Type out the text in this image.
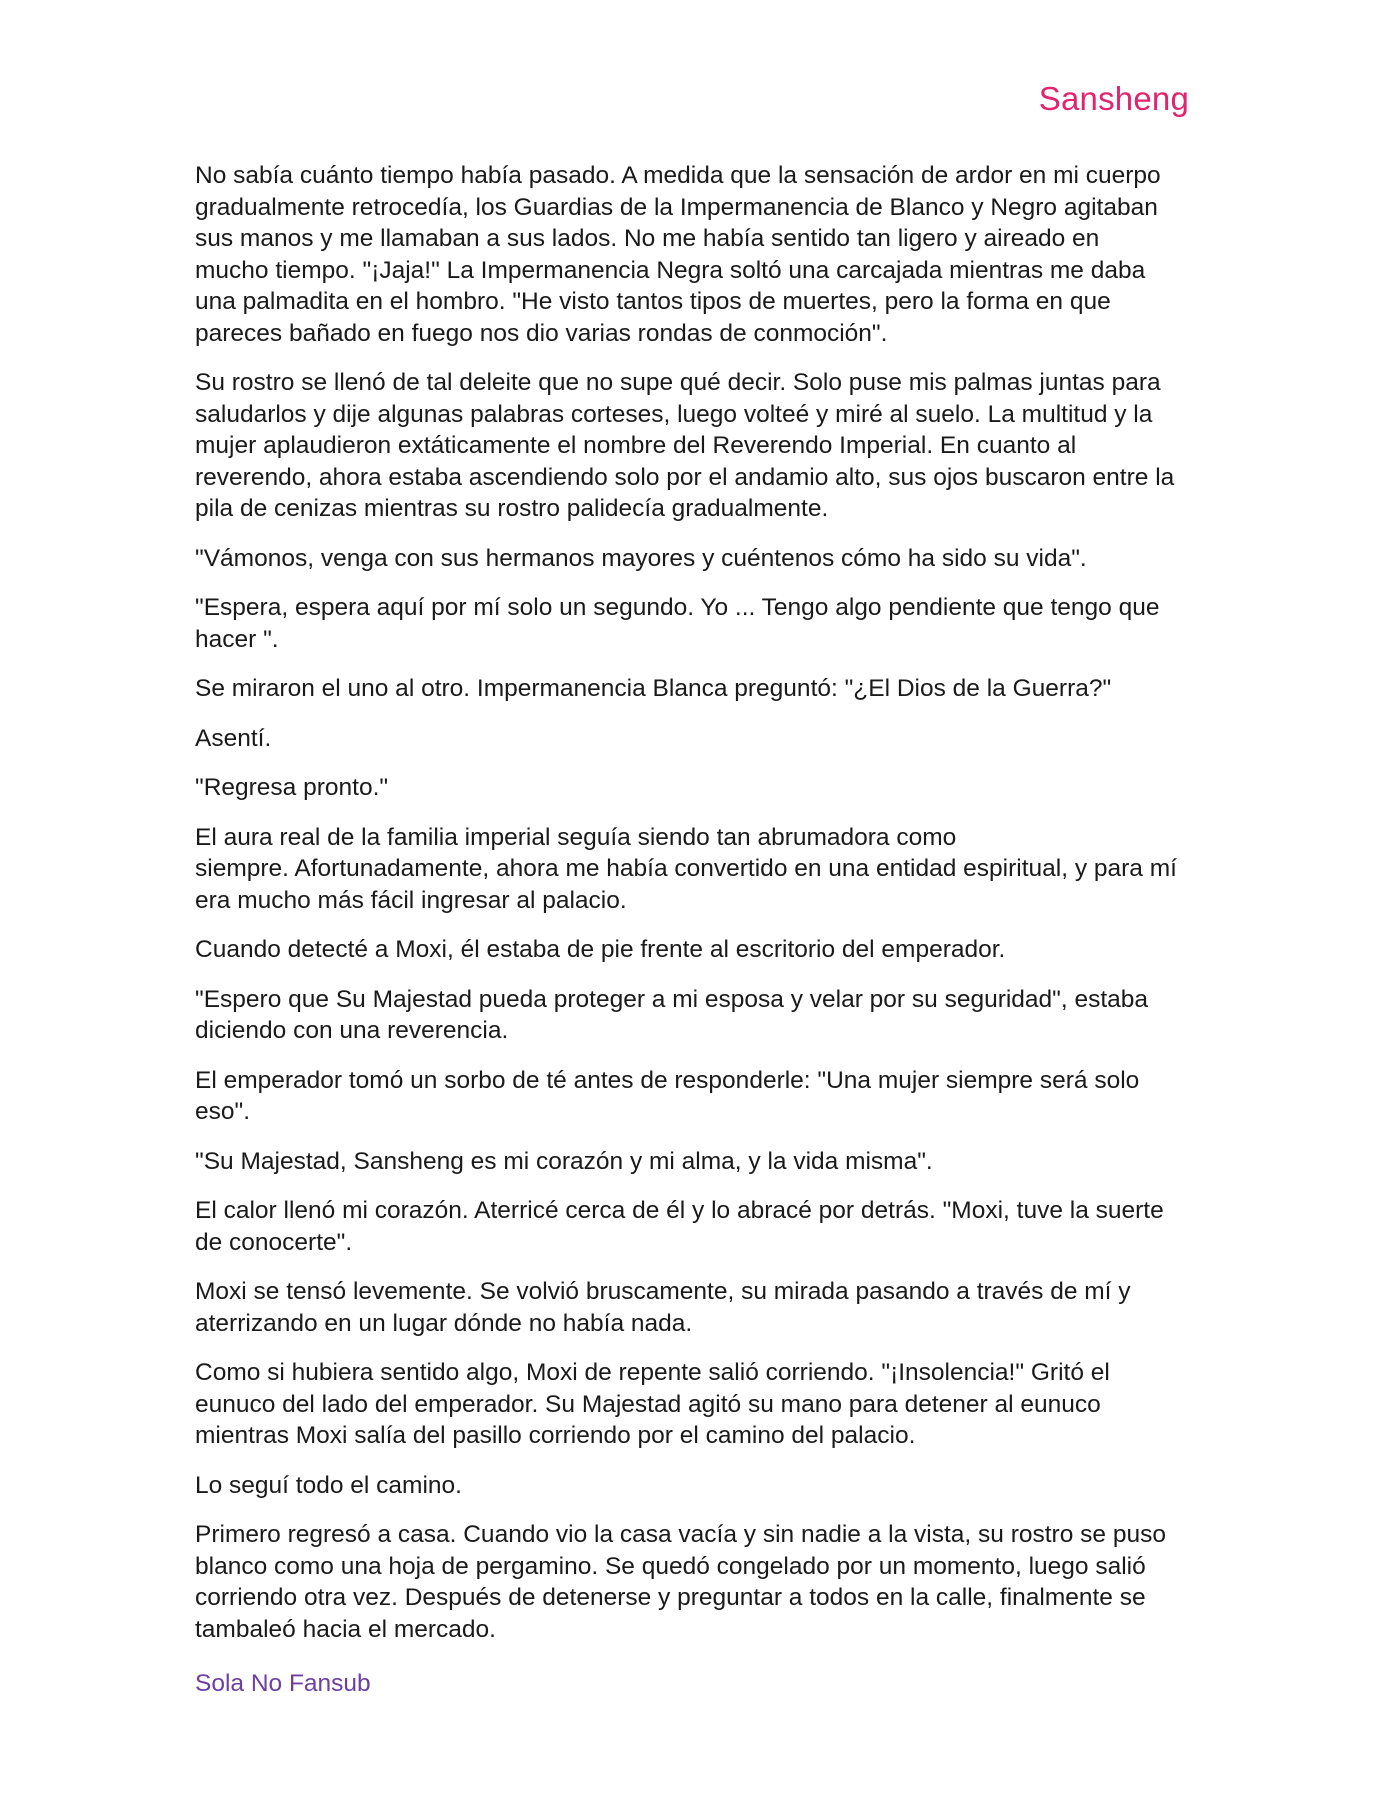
Sansheng

No sabía cuánto tiempo había pasado. A medida que la sensación de ardor en mi cuerpo
gradualmente retrocedía, los Guardias de la Impermanencia de Blanco y Negro agitaban
sus manos y me llamaban a sus lados. No me había sentido tan ligero y aireado en
mucho tiempo. "¡Jaja!" La Impermanencia Negra soltó una carcajada mientras me daba
una palmadita en el hombro. "He visto tantos tipos de muertes, pero la forma en que
pareces bañado en fuego nos dio varias rondas de conmoción".

Su rostro se llenó de tal deleite que no supe qué decir. Solo puse mis palmas juntas para
saludarlos y dije algunas palabras corteses, luego volteé y miré al suelo. La multitud y la
mujer aplaudieron extáticamente el nombre del Reverendo Imperial. En cuanto al
reverendo, ahora estaba ascendiendo solo por el andamio alto, sus ojos buscaron entre la
pila de cenizas mientras su rostro palidecía gradualmente.

"Vámonos, venga con sus hermanos mayores y cuéntenos cómo ha sido su vida".

"Espera, espera aquí por mí solo un segundo. Yo ... Tengo algo pendiente que tengo que
hacer ".

Se miraron el uno al otro. Impermanencia Blanca preguntó: "¿El Dios de la Guerra?"

Asentí.

"Regresa pronto."

El aura real de la familia imperial seguía siendo tan abrumadora como
siempre. Afortunadamente, ahora me había convertido en una entidad espiritual, y para mí
era mucho más fácil ingresar al palacio.

Cuando detecté a Moxi, él estaba de pie frente al escritorio del emperador.

"Espero que Su Majestad pueda proteger a mi esposa y velar por su seguridad", estaba
diciendo con una reverencia.

El emperador tomó un sorbo de té antes de responderle: "Una mujer siempre será solo
eso".

"Su Majestad, Sansheng es mi corazón y mi alma, y la vida misma".

El calor llenó mi corazón. Aterricé cerca de él y lo abracé por detrás. "Moxi, tuve la suerte
de conocerte".

Moxi se tensó levemente. Se volvió bruscamente, su mirada pasando a través de mí y
aterrizando en un lugar dónde no había nada.

Como si hubiera sentido algo, Moxi de repente salió corriendo. "¡Insolencia!" Gritó el
eunuco del lado del emperador. Su Majestad agitó su mano para detener al eunuco
mientras Moxi salía del pasillo corriendo por el camino del palacio.

Lo seguí todo el camino.

Primero regresó a casa. Cuando vio la casa vacía y sin nadie a la vista, su rostro se puso
blanco como una hoja de pergamino. Se quedó congelado por un momento, luego salió
corriendo otra vez. Después de detenerse y preguntar a todos en la calle, finalmente se
tambaleó hacia el mercado.

Sola No Fansub
